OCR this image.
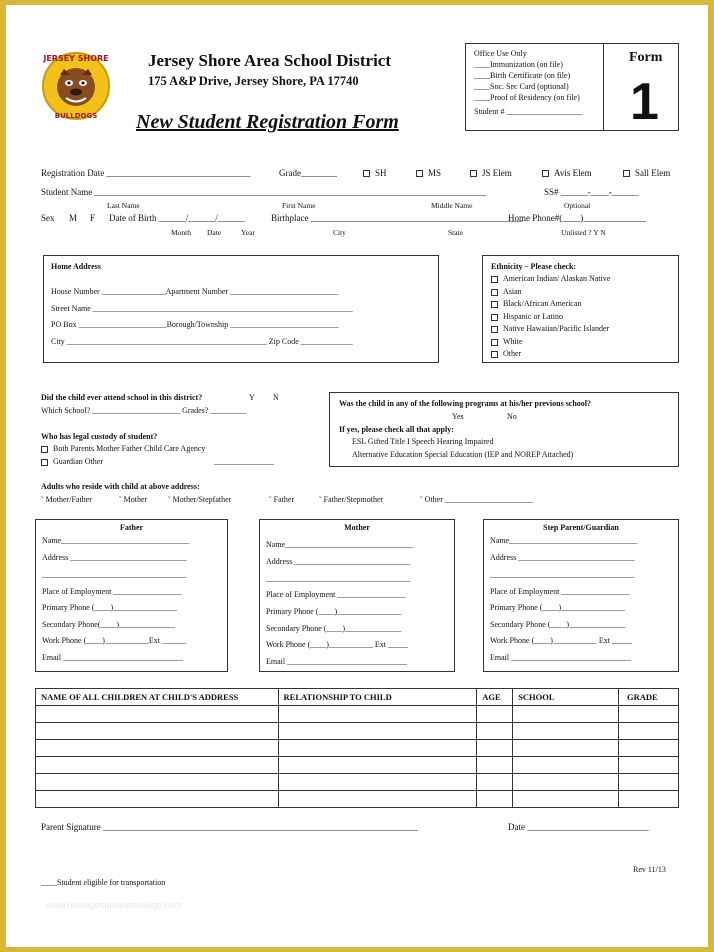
JERSEY SHORE
BULLDOGS
Jersey Shore Area School District
175 A&P Drive, Jersey Shore, PA 17740
New Student Registration Form
Office Use Only
____Immunization (on file)
____Birth Certificate (on file)
____Soc. Sec Card (optional)
____Proof of Residency (on file)
Student # ___________________
Form
1
Registration Date ________________________________	Grade________	SH	MS	JS Elem	Avis Elem	Sall Elem
Student Name _______________________________________________________________________________________	SS# ______-____-______
Last Name	First Name	Middle Name	Optional
Sex M F Date of Birth ______/______/______	Birthplace _______________________________________________
Home Phone#(____)______________
Month Date	Year	City	State	Unlisted ? Y N
Home Address
House Number ________________Apartment Number ___________________________
Street Name _________________________________________________________________
PO Box ______________________Borough/Township ___________________________
City __________________________________________________ Zip Code _____________
Ethnicity – Please check:
American Indian/ Alaskan Native
Asian
Black/African American
Hispanic or Latino
Native Hawaiian/Pacific Islander
White
Other
Did the child ever attend school in this district?	Y N
Which School? ______________________ Grades? _________
Who has legal custody of student?
Both Parents Mother Father Child Care Agency
Guardian Other	_______________
Was the child in any of the following programs at his/her previous school?
Yes	No
If yes, please check all that apply:
ESL Gifted Title I Speech Hearing Impaired
Alternative Education Special Education (IEP and NOREP Attached)
Adults who reside with child at above address:
˜ Mother/Father	˜ Mother	˜ Mother/Stepfather	˜ Father	˜ Father/Stepmother	˜ Other ______________________
Father
Name________________________________
Address _____________________________
____________________________________
Place of Employment _________________
Primary Phone (____)________________
Secondary Phone(____)______________
Work Phone (____)___________Ext ______
Email ______________________________
Mother
Name________________________________
Address _____________________________
____________________________________
Place of Employment _________________
Primary Phone (____)________________
Secondary Phone (____)______________
Work Phone (____)___________ Ext _____
Email ______________________________
Step Parent/Guardian
Name________________________________
Address _____________________________
____________________________________
Place of Employment _________________
Primary Phone (____)________________
Secondary Phone (____)______________
Work Phone (____)___________ Ext _____
Email ______________________________
NAME OF ALL CHILDREN AT CHILD'S ADDRESS	RELATIONSHIP TO CHILD	AGE	SCHOOL	GRADE

Parent Signature ______________________________________________________________________	Date ___________________________
Rev 11/13
____Student eligible for transportation
www.heritagechristiancollege.com
